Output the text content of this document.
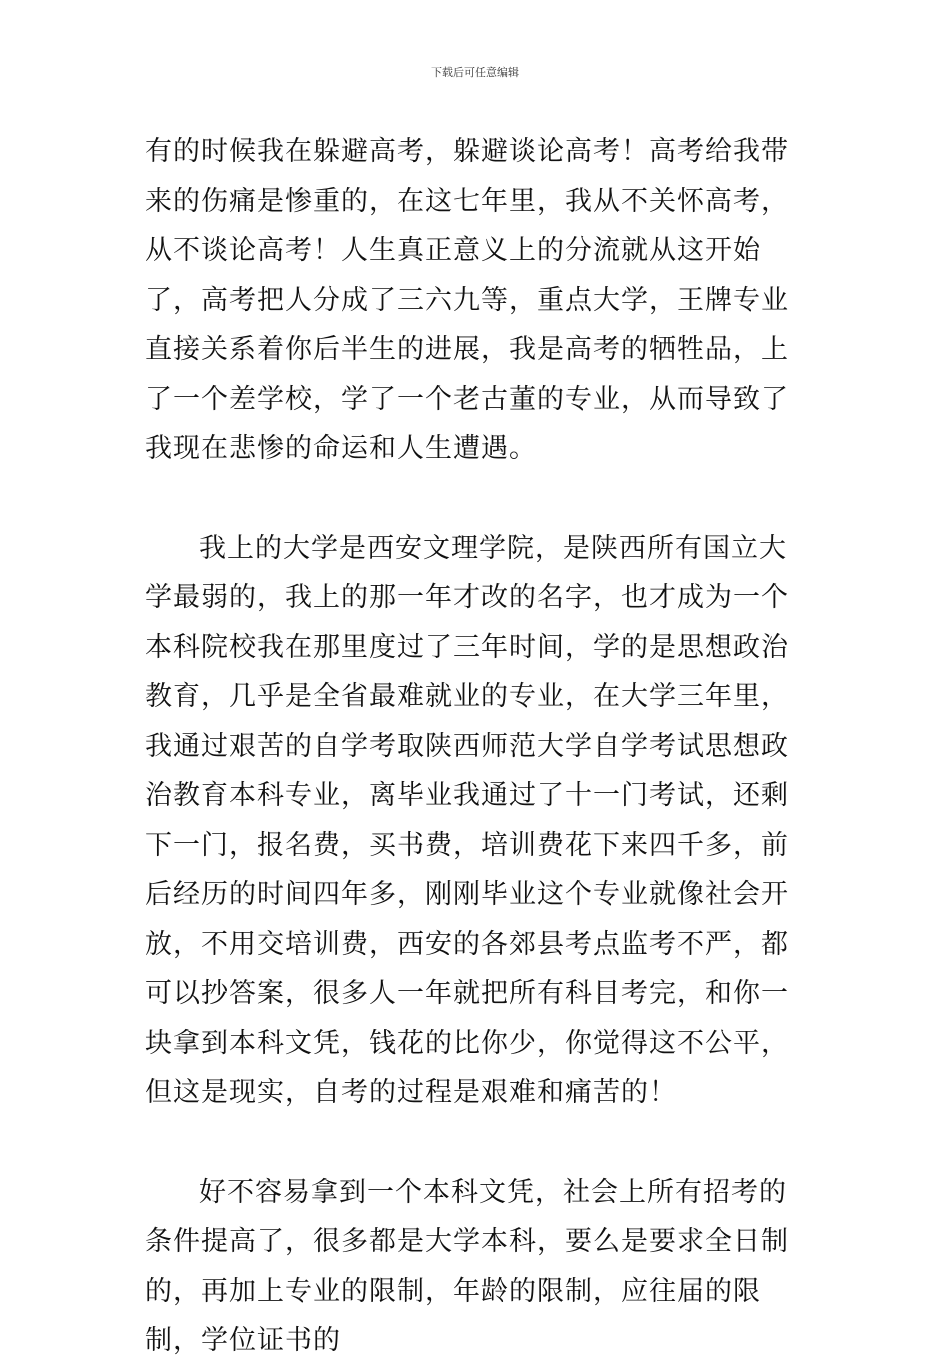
下载后可任意编辑

有的时候我在躲避高考，躲避谈论高考！高考给我带来的伤痛是惨重的，在这七年里，我从不关怀高考，从不谈论高考！人生真正意义上的分流就从这开始了，高考把人分成了三六九等，重点大学，王牌专业直接关系着你后半生的进展，我是高考的牺牲品，上了一个差学校，学了一个老古董的专业，从而导致了我现在悲惨的命运和人生遭遇。

我上的大学是西安文理学院，是陕西所有国立大学最弱的，我上的那一年才改的名字，也才成为一个本科院校我在那里度过了三年时间，学的是思想政治教育，几乎是全省最难就业的专业，在大学三年里，我通过艰苦的自学考取陕西师范大学自学考试思想政治教育本科专业，离毕业我通过了十一门考试，还剩下一门，报名费，买书费，培训费花下来四千多，前后经历的时间四年多，刚刚毕业这个专业就像社会开放，不用交培训费，西安的各郊县考点监考不严，都可以抄答案，很多人一年就把所有科目考完，和你一块拿到本科文凭，钱花的比你少，你觉得这不公平，但这是现实，自考的过程是艰难和痛苦的！

好不容易拿到一个本科文凭，社会上所有招考的条件提高了，很多都是大学本科，要么是要求全日制的，再加上专业的限制，年龄的限制，应往届的限制，学位证书的
